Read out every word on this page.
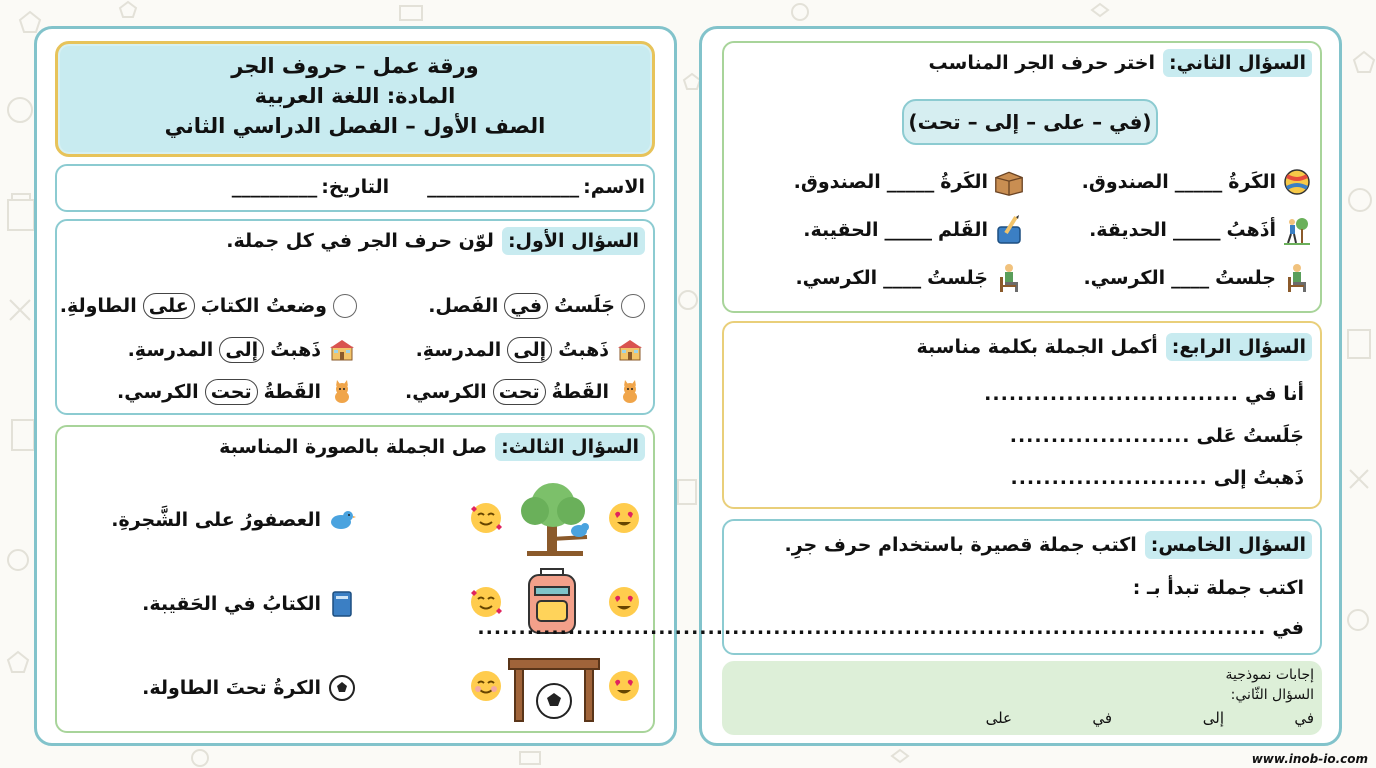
ورقة عمل – حروف الجر
المادة: اللغة العربية
الصف الأول – الفصل الدراسي الثاني
الاسم:
________________
التاريخ:
_________
السؤال الأول:
لوّن حرف الجر في كل جملة.
جَلَستُ
في
الفَصل.
وضعتُ الكتابَ
على
الطاولةِ.
ذَهبتُ
إلى
المدرسةِ.
ذَهبتُ
إلى
المدرسةِ.
القَطةُ
تحت
الكرسي.
القَطةُ
تحت
الكرسي.
السؤال الثالث:
صل الجملة بالصورة المناسبة
العصفورُ على الشَّجرةِ.
الكتابُ في الحَقيبة.
الكرةُ تحتَ الطاولة.
السؤال الثاني:
اختر حرف الجر المناسب
(في – على – إلى – تحت)
الكَرةُ
_____
الصندوق.
الكَرةُ
_____
الصندوق.
أذَهبُ
_____
الحديقة.
القَلم
_____
الحقيبة.
جلستُ
____
الكرسي.
جَلستُ
____
الكرسي.
السؤال الرابع:
أكمل الجملة بكلمة مناسبة
أنا في
...............................
جَلَستُ عَلى
......................
ذَهبتُ إلى
........................
السؤال الخامس:
اكتب جملة قصيرة باستخدام حرف جرِ.
اكتب جملة تبدأ بـ :
في
................................................................................................
إجابات نموذجية
السؤال الثّاني:
في
إلى
في
على
www.inob-io.com
